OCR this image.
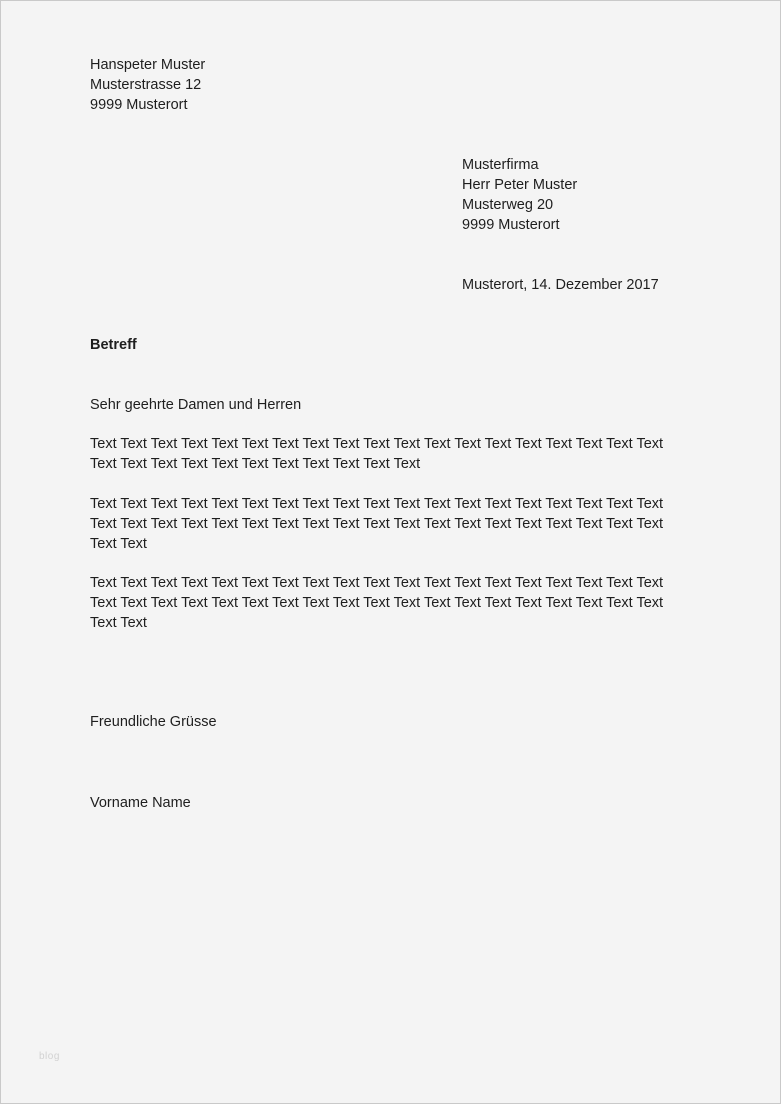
Hanspeter Muster
Musterstrasse 12
9999 Musterort
Musterfirma
Herr Peter Muster
Musterweg 20
9999 Musterort
Musterort, 14. Dezember 2017
Betreff
Sehr geehrte Damen und Herren
Text Text Text Text Text Text Text Text Text Text Text Text Text Text Text Text Text Text Text
Text Text Text Text Text Text Text Text Text Text Text
Text Text Text Text Text Text Text Text Text Text Text Text Text Text Text Text Text Text Text
Text Text Text Text Text Text Text Text Text Text Text Text Text Text Text Text Text Text Text
Text Text
Text Text Text Text Text Text Text Text Text Text Text Text Text Text Text Text Text Text Text
Text Text Text Text Text Text Text Text Text Text Text Text Text Text Text Text Text Text Text
Text Text
Freundliche Grüsse
Vorname Name
blog
